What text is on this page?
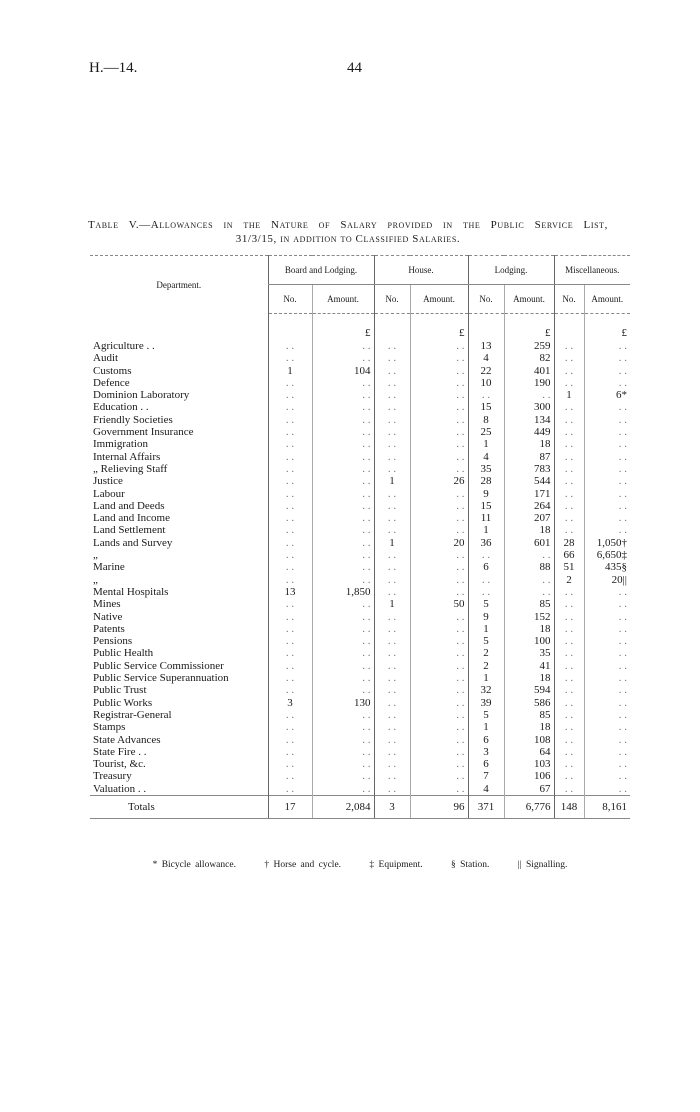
H.—14.	44
Table V.—Allowances in the Nature of Salary provided in the Public Service List,
31/3/15, in addition to Classified Salaries.
Department.	Board and Lodging.		House.		Lodging.		Miscellaneous.	
	No.	Amount.	No.	Amount.	No.	Amount.	No.	Amount.
		£		£		£		£
Agriculture . .	. .	. .	. .	. .	13	259	. .	. .
Audit	. .	. .	. .	. .	4	82	. .	. .
Customs	1	104	. .	. .	22	401	. .	. .
Defence	. .	. .	. .	. .	10	190	. .	. .
Dominion Laboratory	. .	. .	. .	. .	. .	. .	1	6*
Education . .	. .	. .	. .	. .	15	300	. .	. .
Friendly Societies	. .	. .	. .	. .	8	134	. .	. .
Government Insurance	. .	. .	. .	. .	25	449	. .	. .
Immigration	. .	. .	. .	. .	1	18	. .	. .
Internal Affairs	. .	. .	. .	. .	4	87	. .	. .
„ Relieving Staff	. .	. .	. .	. .	35	783	. .	. .
Justice	. .	. .	1	26	28	544	. .	. .
Labour	. .	. .	. .	. .	9	171	. .	. .
Land and Deeds	. .	. .	. .	. .	15	264	. .	. .
Land and Income	. .	. .	. .	. .	11	207	. .	. .
Land Settlement	. .	. .	. .	. .	1	18	. .	. .
Lands and Survey	. .	. .	1	20	36	601	28	1,050†
„	. .	. .	. .	. .	. .	. .	66	6,650‡
Marine	. .	. .	. .	. .	6	88	51	435§
„	. .	. .	. .	. .	. .	. .	2	20||
Mental Hospitals	13	1,850	. .	. .	. .	. .	. .	. .
Mines	. .	. .	1	50	5	85	. .	. .
Native	. .	. .	. .	. .	9	152	. .	. .
Patents	. .	. .	. .	. .	1	18	. .	. .
Pensions	. .	. .	. .	. .	5	100	. .	. .
Public Health	. .	. .	. .	. .	2	35	. .	. .
Public Service Commissioner	. .	. .	. .	. .	2	41	. .	. .
Public Service Superannuation	. .	. .	. .	. .	1	18	. .	. .
Public Trust	. .	. .	. .	. .	32	594	. .	. .
Public Works	3	130	. .	. .	39	586	. .	. .
Registrar-General	. .	. .	. .	. .	5	85	. .	. .
Stamps	. .	. .	. .	. .	1	18	. .	. .
State Advances	. .	. .	. .	. .	6	108	. .	. .
State Fire . .	. .	. .	. .	. .	3	64	. .	. .
Tourist, &c.	. .	. .	. .	. .	6	103	. .	. .
Treasury	. .	. .	. .	. .	7	106	. .	. .
Valuation . .	. .	. .	. .	. .	4	67	. .	. .
Totals	17	2,084	3	96	371	6,776	148	8,161
* Bicycle allowance.	† Horse and cycle.	‡ Equipment.	§ Station.	|| Signalling.
